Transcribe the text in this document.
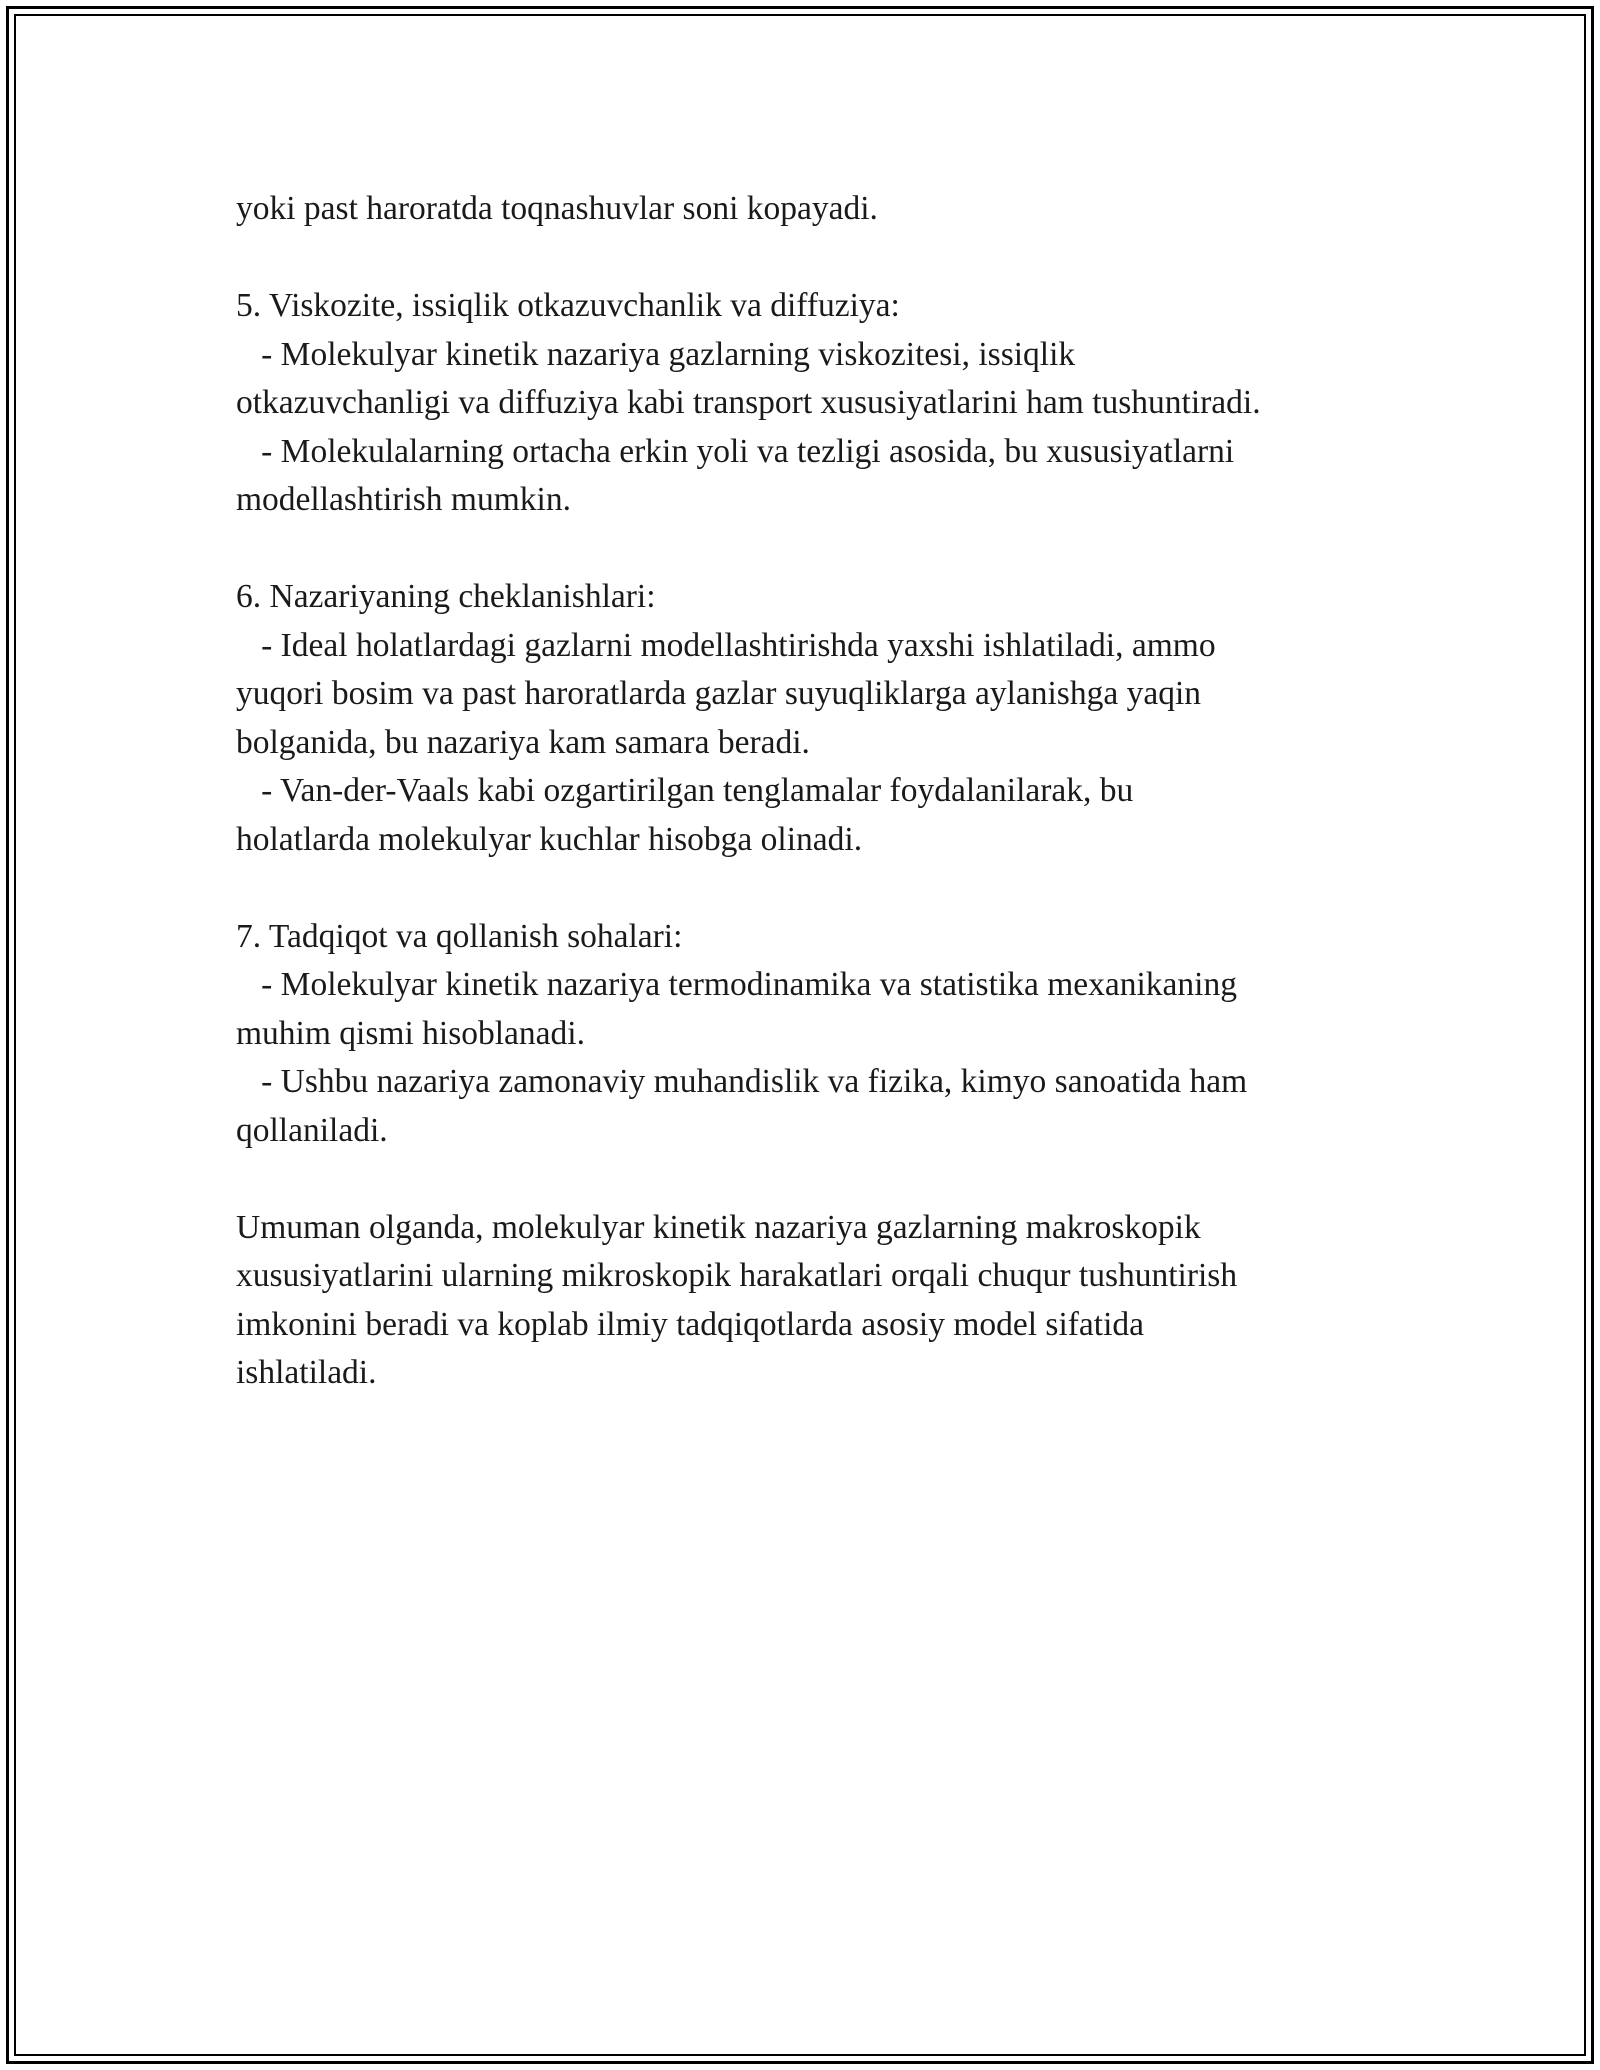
yoki past haroratda toqnashuvlar soni kopayadi.
5. Viskozite, issiqlik otkazuvchanlik va diffuziya:
- Molekulyar kinetik nazariya gazlarning viskozitesi, issiqlik
otkazuvchanligi va diffuziya kabi transport xususiyatlarini ham tushuntiradi.
- Molekulalarning ortacha erkin yoli va tezligi asosida, bu xususiyatlarni
modellashtirish mumkin.
6. Nazariyaning cheklanishlari:
- Ideal holatlardagi gazlarni modellashtirishda yaxshi ishlatiladi, ammo
yuqori bosim va past haroratlarda gazlar suyuqliklarga aylanishga yaqin
bolganida, bu nazariya kam samara beradi.
- Van-der-Vaals kabi ozgartirilgan tenglamalar foydalanilarak, bu
holatlarda molekulyar kuchlar hisobga olinadi.
7. Tadqiqot va qollanish sohalari:
- Molekulyar kinetik nazariya termodinamika va statistika mexanikaning
muhim qismi hisoblanadi.
- Ushbu nazariya zamonaviy muhandislik va fizika, kimyo sanoatida ham
qollaniladi.
Umuman olganda, molekulyar kinetik nazariya gazlarning makroskopik
xususiyatlarini ularning mikroskopik harakatlari orqali chuqur tushuntirish
imkonini beradi va koplab ilmiy tadqiqotlarda asosiy model sifatida
ishlatiladi.
